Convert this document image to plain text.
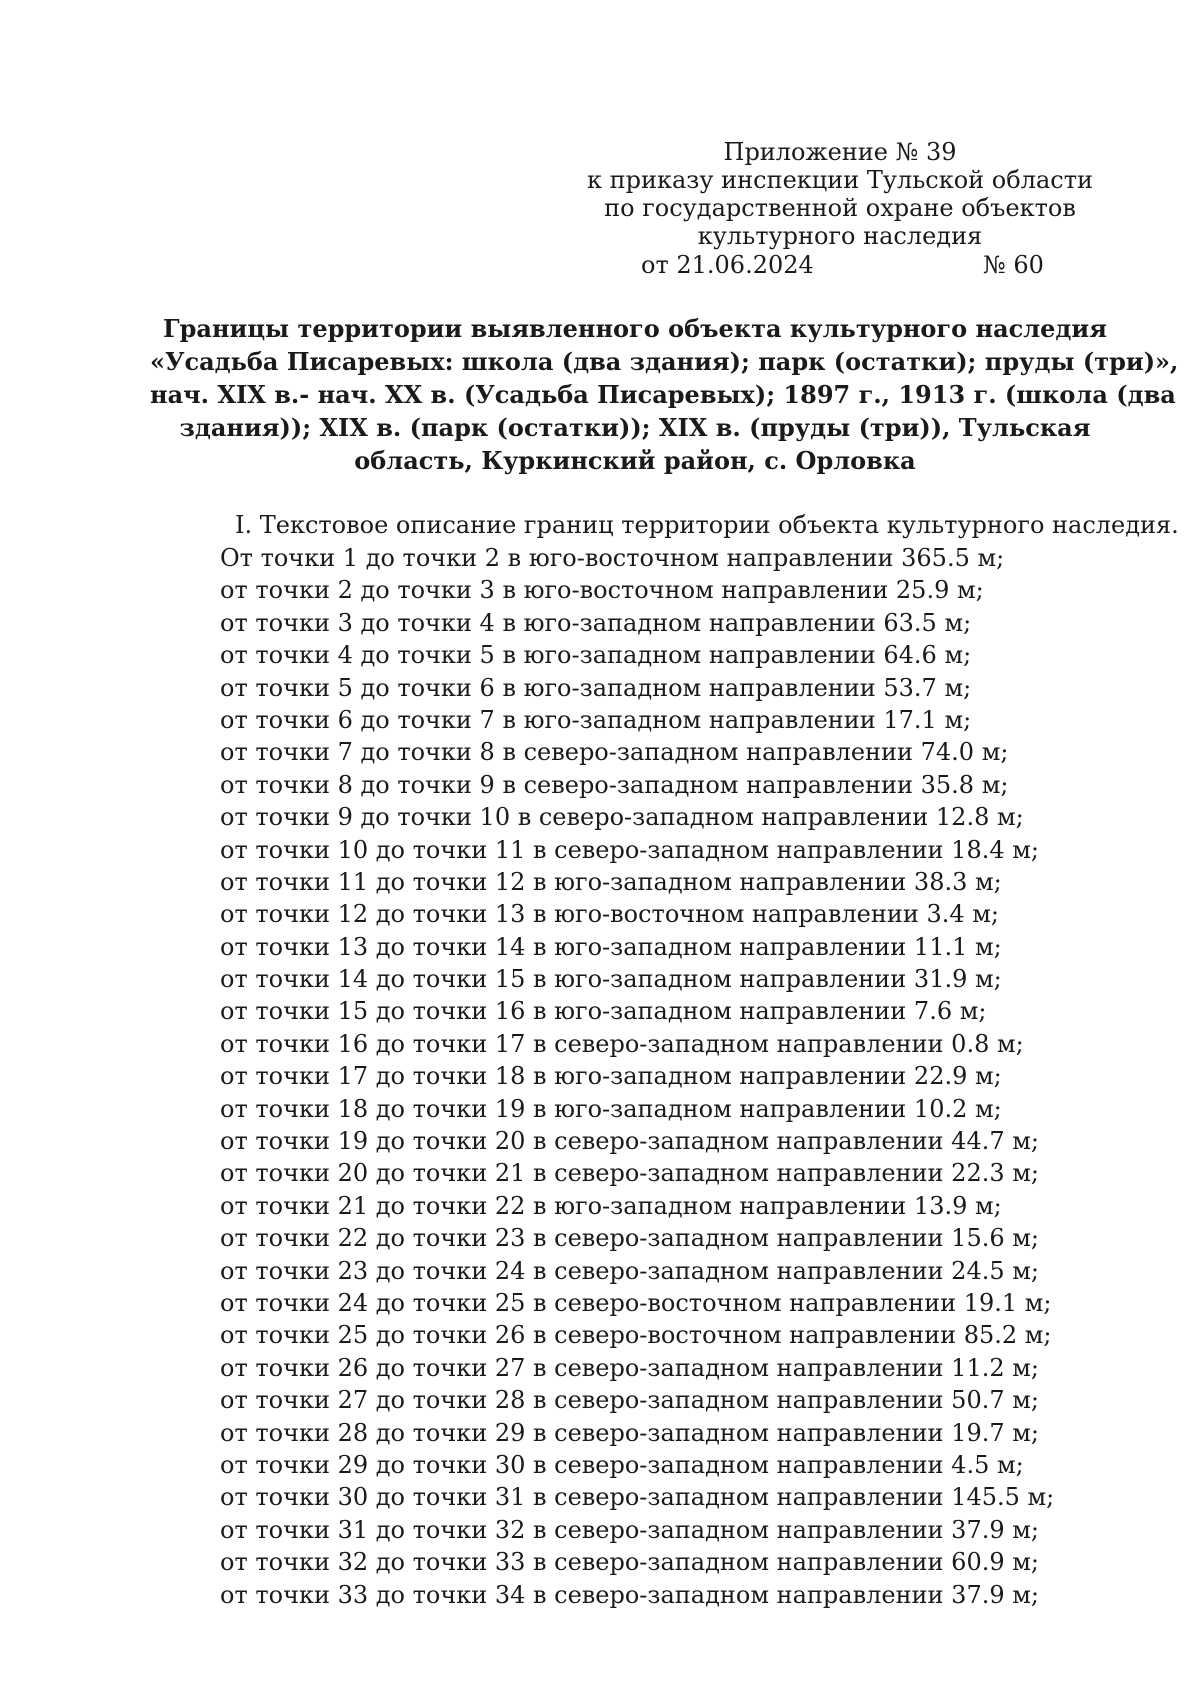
Приложение № 39
к приказу инспекции Тульской области
по государственной охране объектов
культурного наследия
от 21.06.2024	№ 60
Границы территории выявленного объекта культурного наследия
«Усадьба Писаревых: школа (два здания); парк (остатки); пруды (три)»,
нач. XIX в.- нач. XX в. (Усадьба Писаревых); 1897 г., 1913 г. (школа (два
здания)); XIX в. (парк (остатки)); XIX в. (пруды (три)), Тульская
область, Куркинский район, с. Орловка
I. Текстовое описание границ территории объекта культурного наследия.
От точки 1 до точки 2 в юго-восточном направлении 365.5 м;
от точки 2 до точки 3 в юго-восточном направлении 25.9 м;
от точки 3 до точки 4 в юго-западном направлении 63.5 м;
от точки 4 до точки 5 в юго-западном направлении 64.6 м;
от точки 5 до точки 6 в юго-западном направлении 53.7 м;
от точки 6 до точки 7 в юго-западном направлении 17.1 м;
от точки 7 до точки 8 в северо-западном направлении 74.0 м;
от точки 8 до точки 9 в северо-западном направлении 35.8 м;
от точки 9 до точки 10 в северо-западном направлении 12.8 м;
от точки 10 до точки 11 в северо-западном направлении 18.4 м;
от точки 11 до точки 12 в юго-западном направлении 38.3 м;
от точки 12 до точки 13 в юго-восточном направлении 3.4 м;
от точки 13 до точки 14 в юго-западном направлении 11.1 м;
от точки 14 до точки 15 в юго-западном направлении 31.9 м;
от точки 15 до точки 16 в юго-западном направлении 7.6 м;
от точки 16 до точки 17 в северо-западном направлении 0.8 м;
от точки 17 до точки 18 в юго-западном направлении 22.9 м;
от точки 18 до точки 19 в юго-западном направлении 10.2 м;
от точки 19 до точки 20 в северо-западном направлении 44.7 м;
от точки 20 до точки 21 в северо-западном направлении 22.3 м;
от точки 21 до точки 22 в юго-западном направлении 13.9 м;
от точки 22 до точки 23 в северо-западном направлении 15.6 м;
от точки 23 до точки 24 в северо-западном направлении 24.5 м;
от точки 24 до точки 25 в северо-восточном направлении 19.1 м;
от точки 25 до точки 26 в северо-восточном направлении 85.2 м;
от точки 26 до точки 27 в северо-западном направлении 11.2 м;
от точки 27 до точки 28 в северо-западном направлении 50.7 м;
от точки 28 до точки 29 в северо-западном направлении 19.7 м;
от точки 29 до точки 30 в северо-западном направлении 4.5 м;
от точки 30 до точки 31 в северо-западном направлении 145.5 м;
от точки 31 до точки 32 в северо-западном направлении 37.9 м;
от точки 32 до точки 33 в северо-западном направлении 60.9 м;
от точки 33 до точки 34 в северо-западном направлении 37.9 м;
